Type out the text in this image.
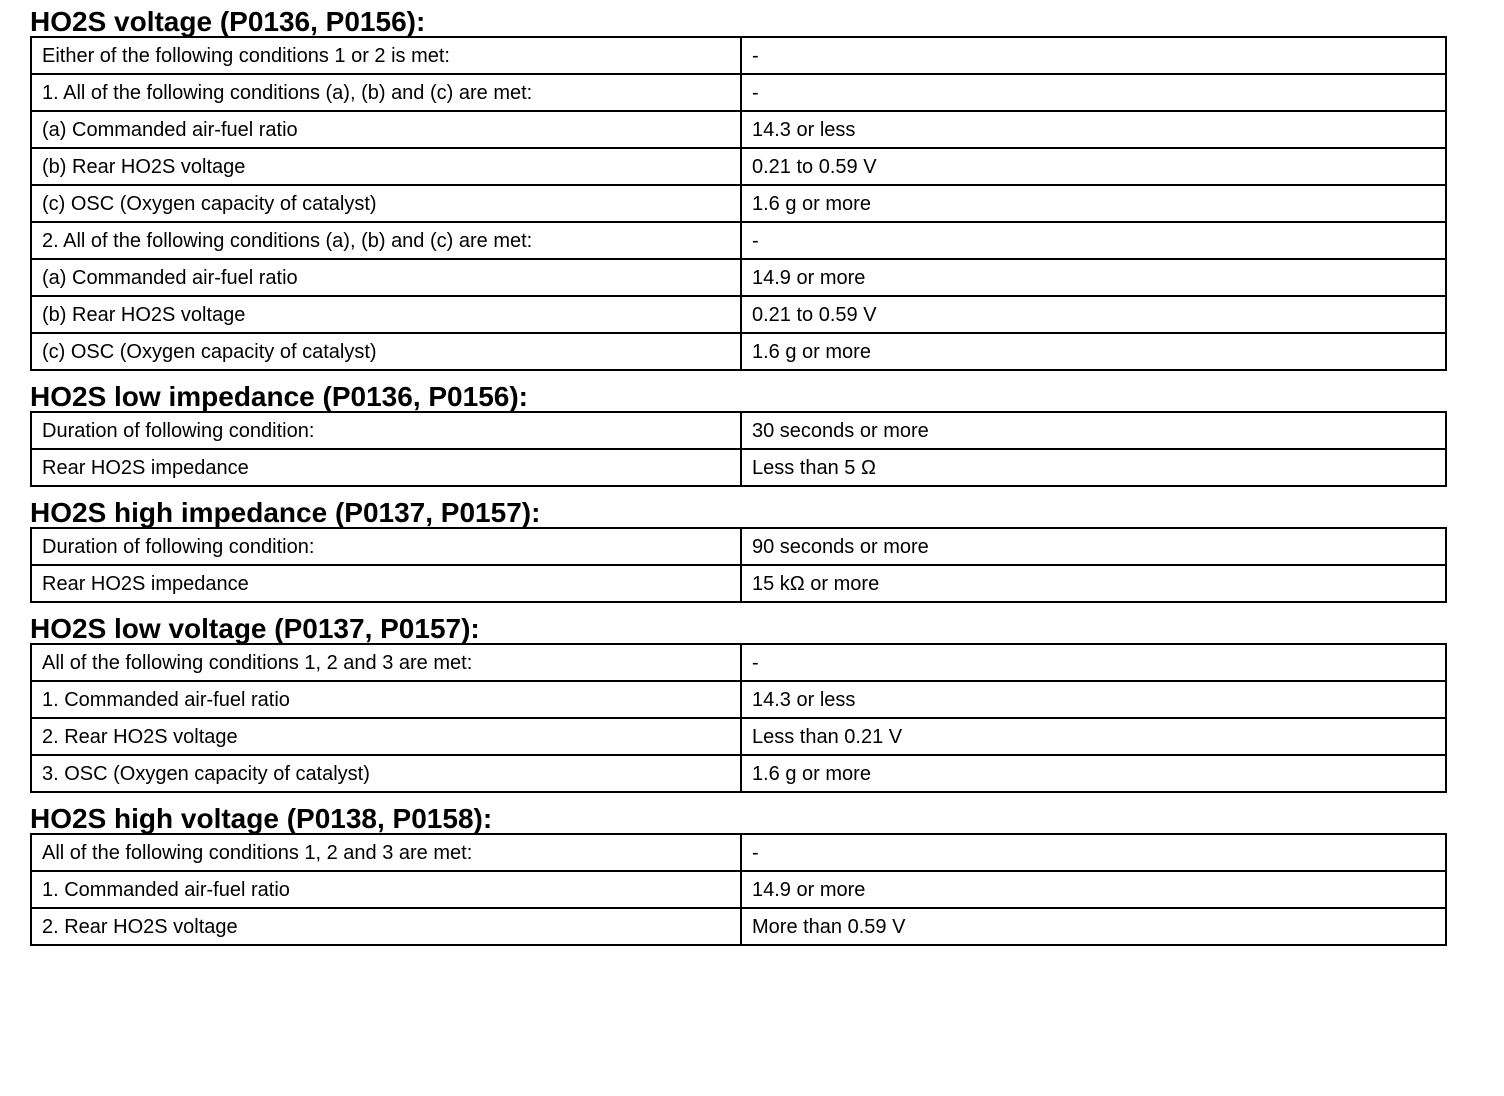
HO2S voltage (P0136, P0156):
Either of the following conditions 1 or 2 is met:	-
1. All of the following conditions (a), (b) and (c) are met:	-
(a) Commanded air-fuel ratio	14.3 or less
(b) Rear HO2S voltage	0.21 to 0.59 V
(c) OSC (Oxygen capacity of catalyst)	1.6 g or more
2. All of the following conditions (a), (b) and (c) are met:	-
(a) Commanded air-fuel ratio	14.9 or more
(b) Rear HO2S voltage	0.21 to 0.59 V
(c) OSC (Oxygen capacity of catalyst)	1.6 g or more
HO2S low impedance (P0136, P0156):
Duration of following condition:	30 seconds or more
Rear HO2S impedance	Less than 5 Ω
HO2S high impedance (P0137, P0157):
Duration of following condition:	90 seconds or more
Rear HO2S impedance	15 kΩ or more
HO2S low voltage (P0137, P0157):
All of the following conditions 1, 2 and 3 are met:	-
1. Commanded air-fuel ratio	14.3 or less
2. Rear HO2S voltage	Less than 0.21 V
3. OSC (Oxygen capacity of catalyst)	1.6 g or more
HO2S high voltage (P0138, P0158):
All of the following conditions 1, 2 and 3 are met:	-
1. Commanded air-fuel ratio	14.9 or more
2. Rear HO2S voltage	More than 0.59 V
